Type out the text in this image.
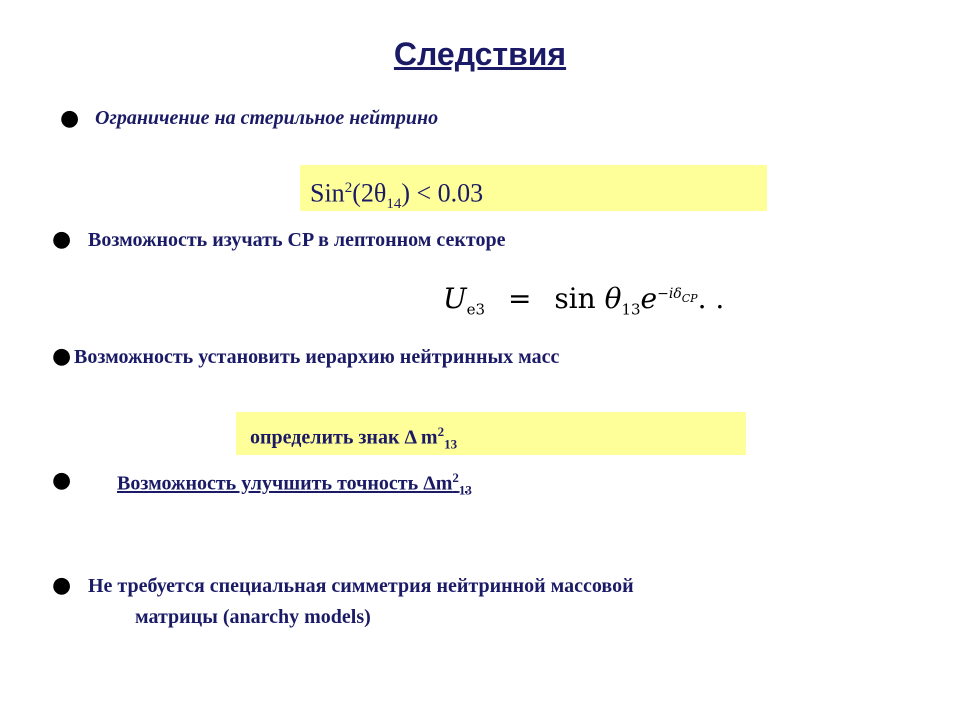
Следствия
● Ограничение на стерильное нейтрино
$Sin^2(2\theta_{14}) < 0.03$
● Возможность изучать CP в лептонном секторе
$U_{e3} = \sin \theta_{13}e^{-i\delta_{CP}}$. .
● Возможность установить иерархию нейтринных масс
определить знак Δ $m^2_{13}$
● Возможность улучшить точность $\Delta m^2_{13}$
● Не требуется специальная симметрия нейтринной массовой
матрицы (anarchy models)
